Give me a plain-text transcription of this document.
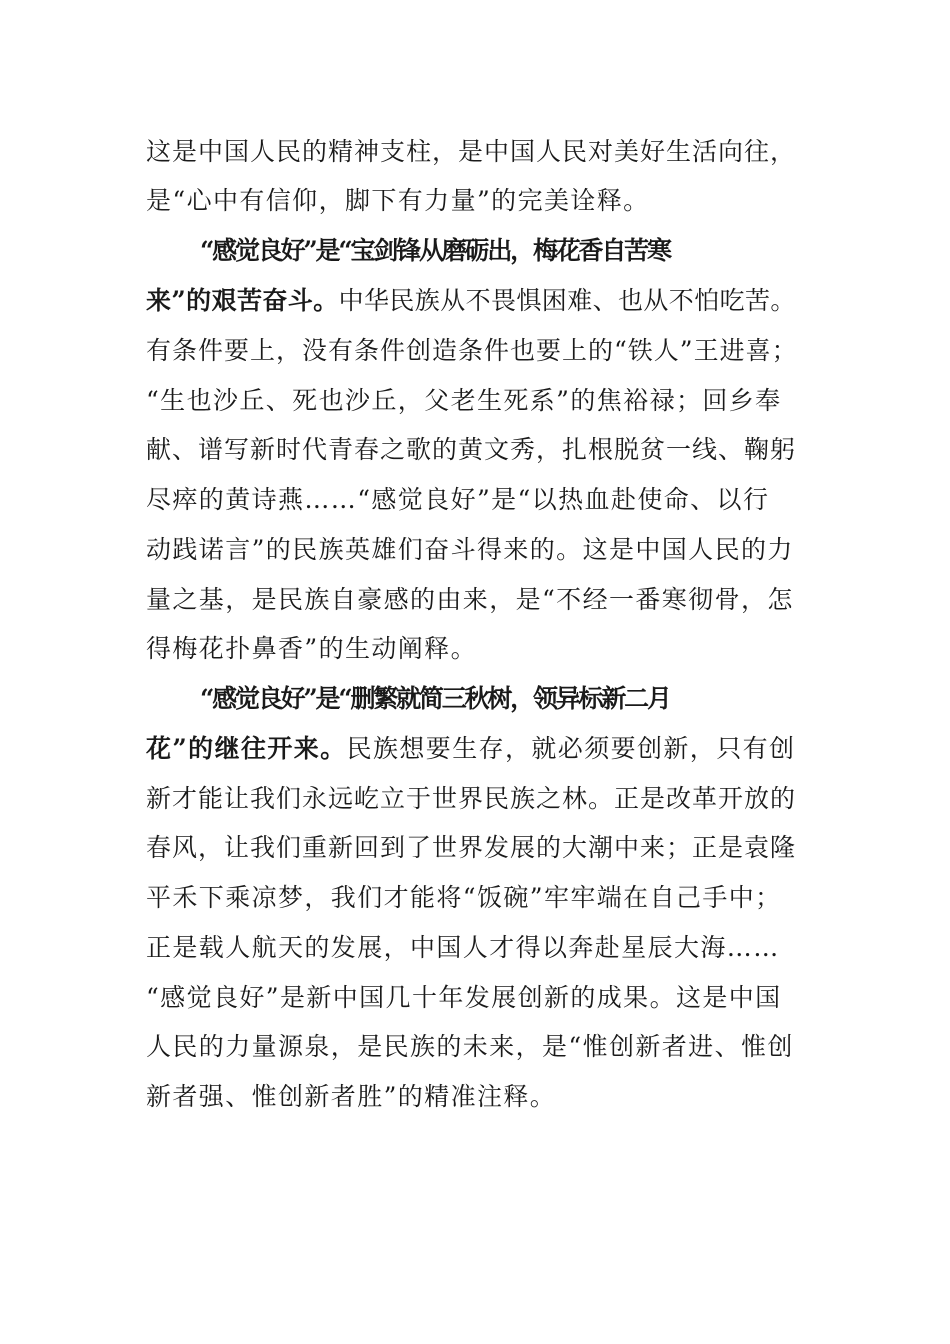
这是中国人民的精神支柱，是中国人民对美好生活向往，
是“心中有信仰，脚下有力量”的完美诠释。
“感觉良好”是“宝剑锋从磨砺出，梅花香自苦寒
来”的艰苦奋斗。中华民族从不畏惧困难、也从不怕吃苦。
有条件要上，没有条件创造条件也要上的“铁人”王进喜；
“生也沙丘、死也沙丘，父老生死系”的焦裕禄；回乡奉
献、谱写新时代青春之歌的黄文秀，扎根脱贫一线、鞠躬
尽瘁的黄诗燕……“感觉良好”是“以热血赴使命、以行
动践诺言”的民族英雄们奋斗得来的。这是中国人民的力
量之基，是民族自豪感的由来，是“不经一番寒彻骨，怎
得梅花扑鼻香”的生动阐释。
“感觉良好”是“删繁就简三秋树，领异标新二月
花”的继往开来。民族想要生存，就必须要创新，只有创
新才能让我们永远屹立于世界民族之林。正是改革开放的
春风，让我们重新回到了世界发展的大潮中来；正是袁隆
平禾下乘凉梦，我们才能将“饭碗”牢牢端在自己手中；
正是载人航天的发展，中国人才得以奔赴星辰大海……
“感觉良好”是新中国几十年发展创新的成果。这是中国
人民的力量源泉，是民族的未来，是“惟创新者进、惟创
新者强、惟创新者胜”的精准注释。
